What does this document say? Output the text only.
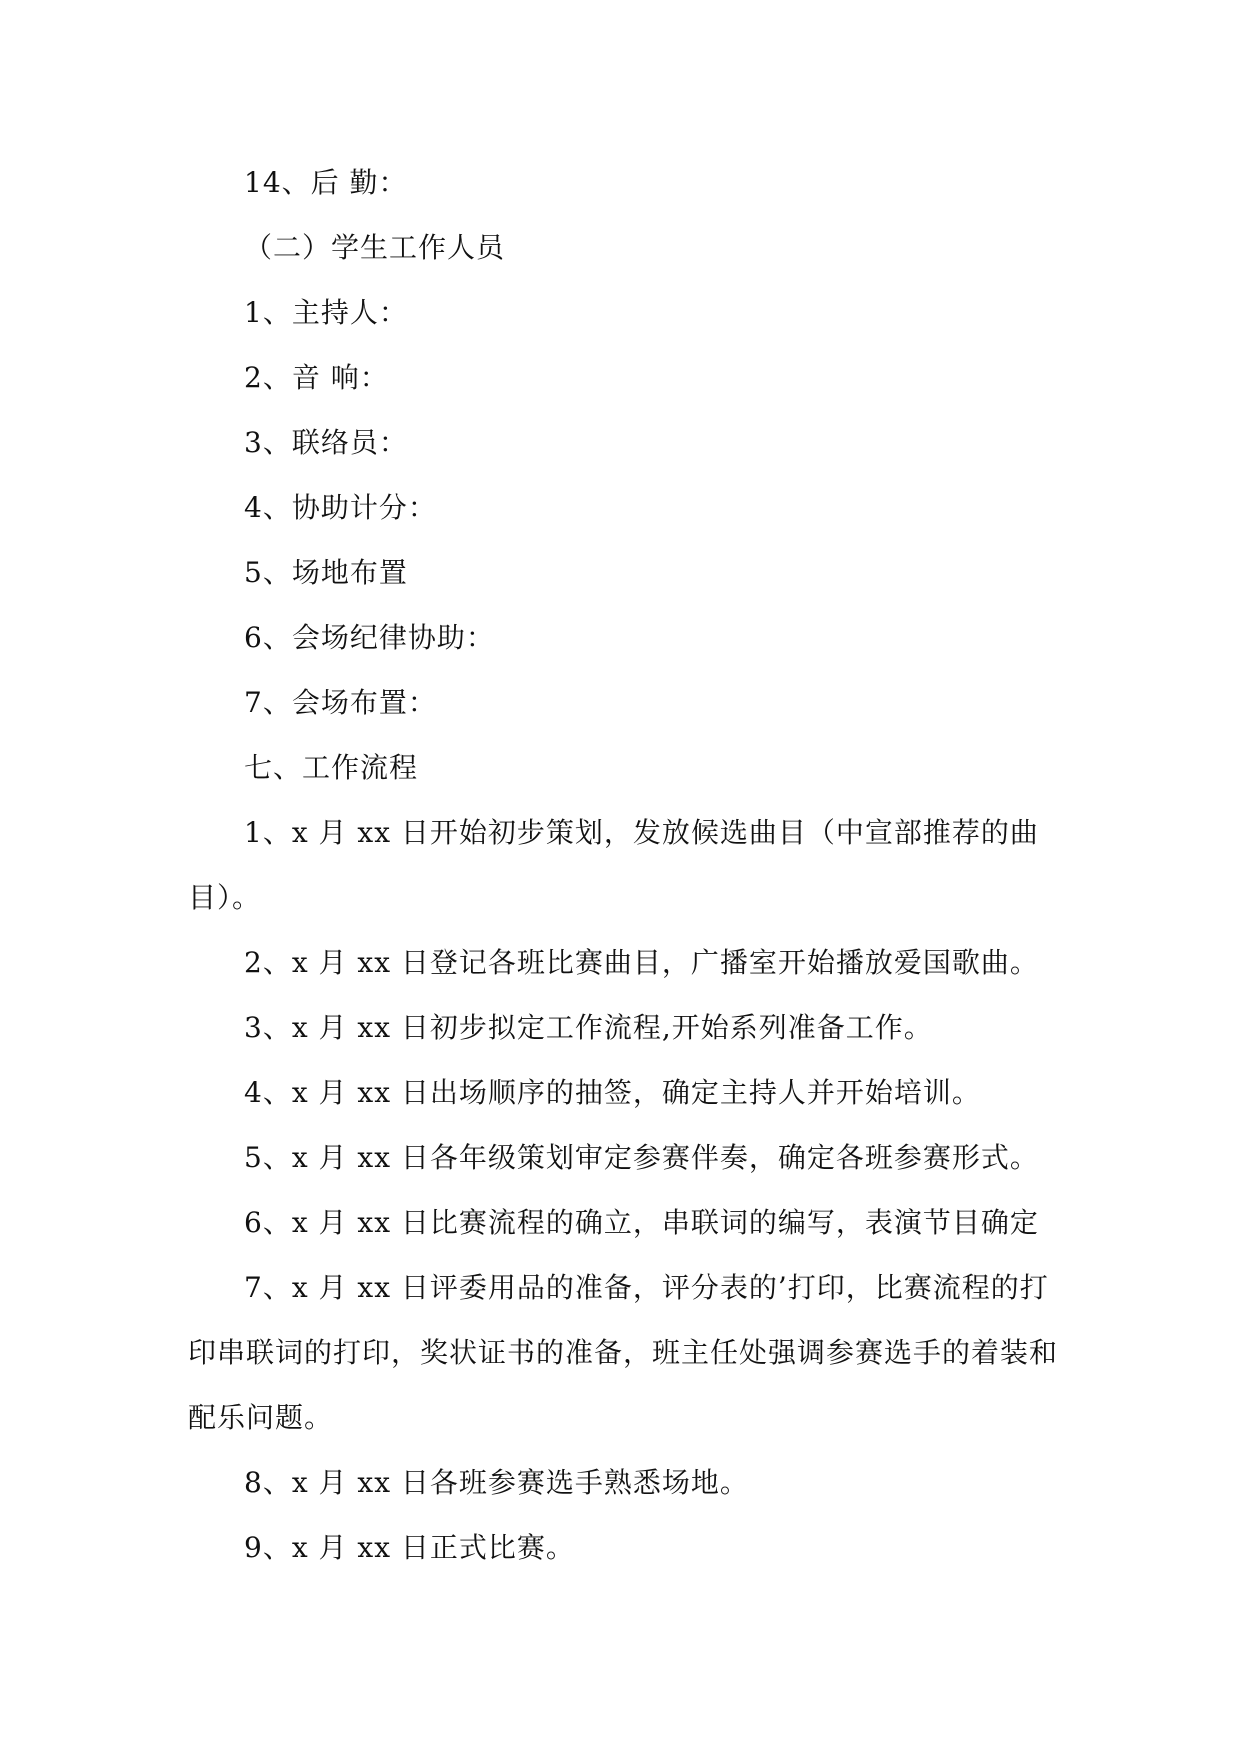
14、后 勤：

（二）学生工作人员

1、主持人：

2、音 响：

3、联络员：

4、协助计分：

5、场地布置

6、会场纪律协助：

7、会场布置：

七、工作流程

1、x 月 xx 日开始初步策划，发放候选曲目（中宣部推荐的曲目）。

2、x 月 xx 日登记各班比赛曲目，广播室开始播放爱国歌曲。

3、x 月 xx 日初步拟定工作流程,开始系列准备工作。

4、x 月 xx 日出场顺序的抽签，确定主持人并开始培训。

5、x 月 xx 日各年级策划审定参赛伴奏，确定各班参赛形式。

6、x 月 xx 日比赛流程的确立，串联词的编写，表演节目确定

7、x 月 xx 日评委用品的准备，评分表的’打印，比赛流程的打印串联词的打印，奖状证书的准备，班主任处强调参赛选手的着装和配乐问题。

8、x 月 xx 日各班参赛选手熟悉场地。

9、x 月 xx 日正式比赛。
